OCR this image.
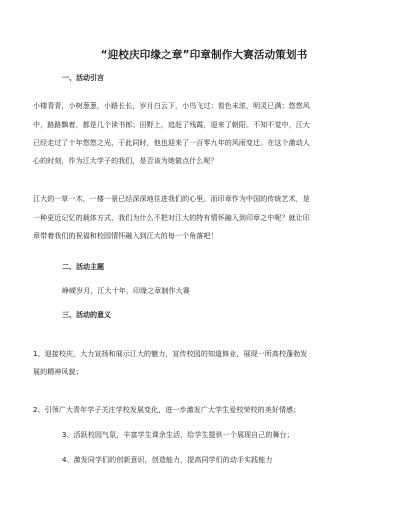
“迎校庆印缘之章”印章制作大赛活动策划书
一、活动引言
小楼青青，小树葱葱，小路长长，岁月白云下，小鸟飞过；看色未浓，明灵已满；悠悠风
中，路路飘着，都是几个读书郎；田野上，追赶了残霞，迎来了朝阳。不知不觉中，江大
已经走过了十年悠悠之光，于此同时，他也迎来了一百零九年的风雨变迁。在这个激动人
心的时刻，作为江大学子的我们，是否该为她做点什么呢？
江大的一草一木，一楼一景已经深深地住进我们的心里。而印章作为中国的传统艺术，是
一种更近记忆的载体方式，我们为什么不把对江大的特有情怀融入到印章之中呢？就让印
章带着我们的祝福和校园情怀融入到江大的每一个角落吧！
二、活动主题
峥嵘岁月，江大十年，印缘之章制作大赛
三、活动的意义
1、迎接校庆，大力宣扬和展示江大的魅力，宣传校园的知道修业，展现一所高校蓬勃发
展的精神风貌；
2、引领广大青年学子关注学校发展变化，进一步激发广大学生爱校荣校的美好情感；
3、活跃校园气氛，丰富学生课余生活，给学生提供一个展现自己的舞台；
4、激发同学们的创新意识，创造能力，提高同学们的动手实践能力
